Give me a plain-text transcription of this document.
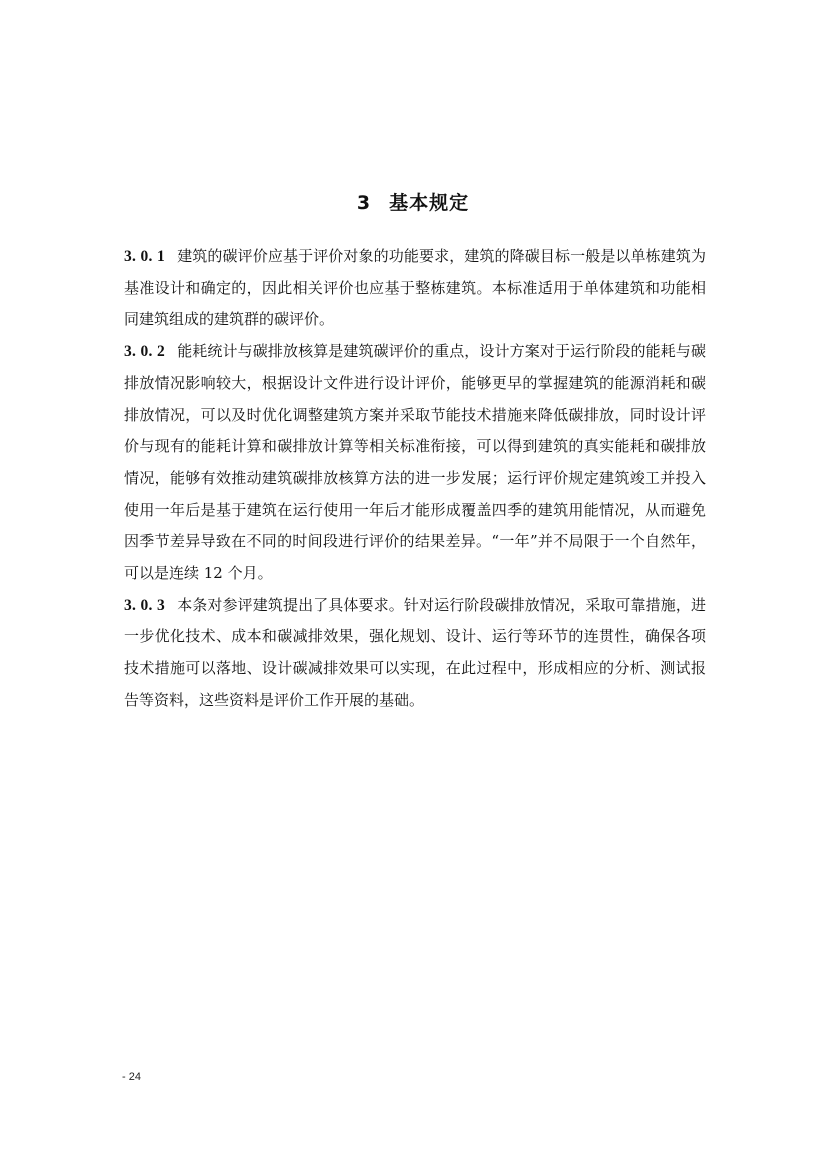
3 基本规定

3. 0. 1 建筑的碳评价应基于评价对象的功能要求，建筑的降碳目标一般是以单栋建筑为基准设计和确定的，因此相关评价也应基于整栋建筑。本标准适用于单体建筑和功能相同建筑组成的建筑群的碳评价。

3. 0. 2 能耗统计与碳排放核算是建筑碳评价的重点，设计方案对于运行阶段的能耗与碳排放情况影响较大，根据设计文件进行设计评价，能够更早的掌握建筑的能源消耗和碳排放情况，可以及时优化调整建筑方案并采取节能技术措施来降低碳排放，同时设计评价与现有的能耗计算和碳排放计算等相关标准衔接，可以得到建筑的真实能耗和碳排放情况，能够有效推动建筑碳排放核算方法的进一步发展；运行评价规定建筑竣工并投入使用一年后是基于建筑在运行使用一年后才能形成覆盖四季的建筑用能情况，从而避免因季节差异导致在不同的时间段进行评价的结果差异。“一年”并不局限于一个自然年，可以是连续 12 个月。

3. 0. 3 本条对参评建筑提出了具体要求。针对运行阶段碳排放情况，采取可靠措施，进一步优化技术、成本和碳减排效果，强化规划、设计、运行等环节的连贯性，确保各项技术措施可以落地、设计碳减排效果可以实现，在此过程中，形成相应的分析、测试报告等资料，这些资料是评价工作开展的基础。

- 24
